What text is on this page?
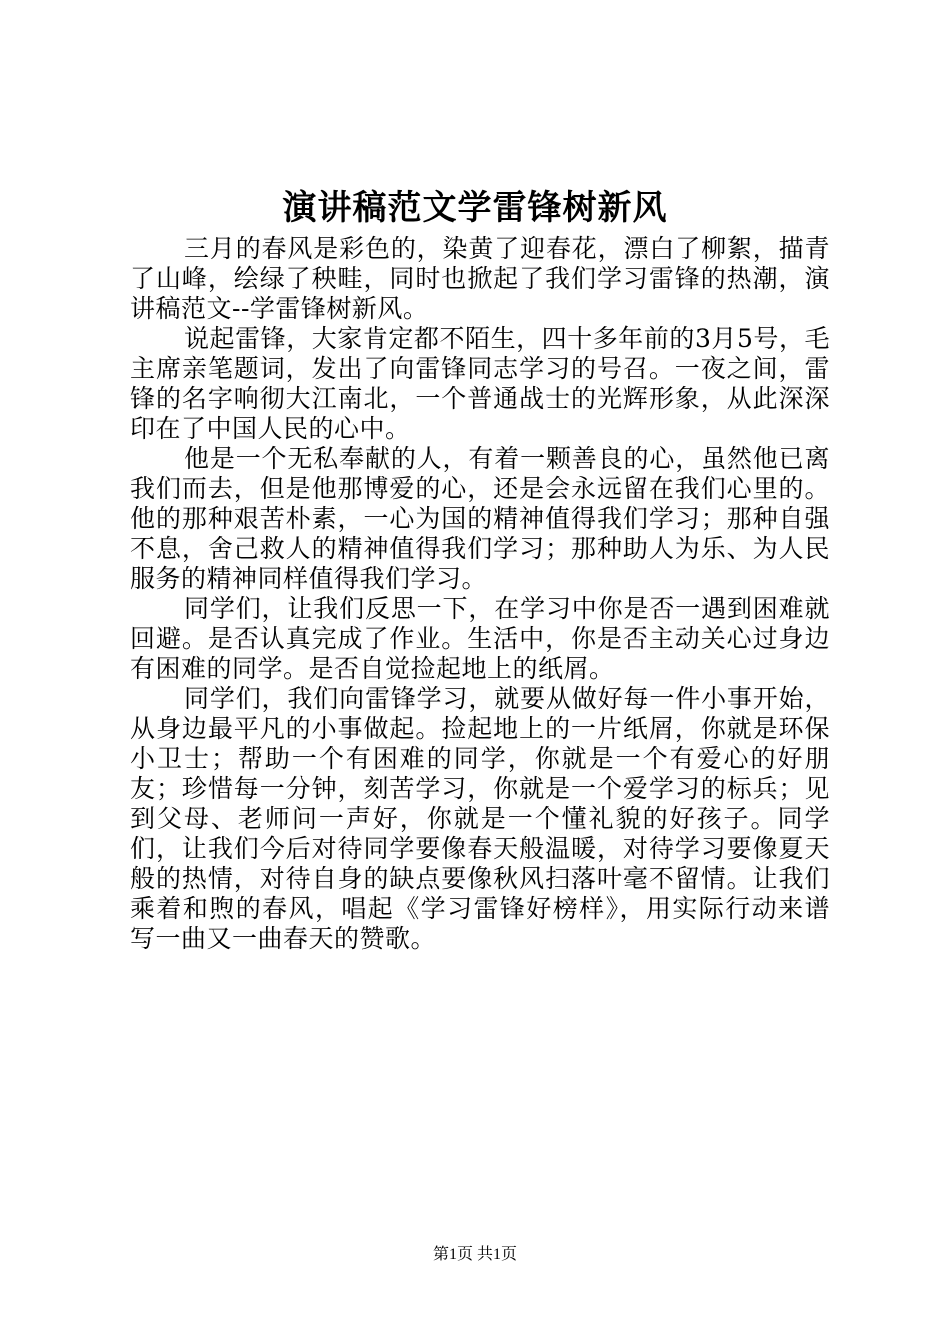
演讲稿范文学雷锋树新风

三月的春风是彩色的，染黄了迎春花，漂白了柳絮，描青了山峰，绘绿了秧畦，同时也掀起了我们学习雷锋的热潮，演讲稿范文--学雷锋树新风。

说起雷锋，大家肯定都不陌生，四十多年前的3月5号，毛主席亲笔题词，发出了向雷锋同志学习的号召。一夜之间，雷锋的名字响彻大江南北，一个普通战士的光辉形象，从此深深印在了中国人民的心中。

他是一个无私奉献的人，有着一颗善良的心，虽然他已离我们而去，但是他那博爱的心，还是会永远留在我们心里的。他的那种艰苦朴素，一心为国的精神值得我们学习；那种自强不息，舍己救人的精神值得我们学习；那种助人为乐、为人民服务的精神同样值得我们学习。

同学们，让我们反思一下，在学习中你是否一遇到困难就回避。是否认真完成了作业。生活中，你是否主动关心过身边有困难的同学。是否自觉捡起地上的纸屑。

同学们，我们向雷锋学习，就要从做好每一件小事开始，从身边最平凡的小事做起。捡起地上的一片纸屑，你就是环保小卫士；帮助一个有困难的同学，你就是一个有爱心的好朋友；珍惜每一分钟，刻苦学习，你就是一个爱学习的标兵；见到父母、老师问一声好，你就是一个懂礼貌的好孩子。同学们，让我们今后对待同学要像春天般温暖，对待学习要像夏天般的热情，对待自身的缺点要像秋风扫落叶毫不留情。让我们乘着和煦的春风，唱起《学习雷锋好榜样》，用实际行动来谱写一曲又一曲春天的赞歌。

第1页 共1页
